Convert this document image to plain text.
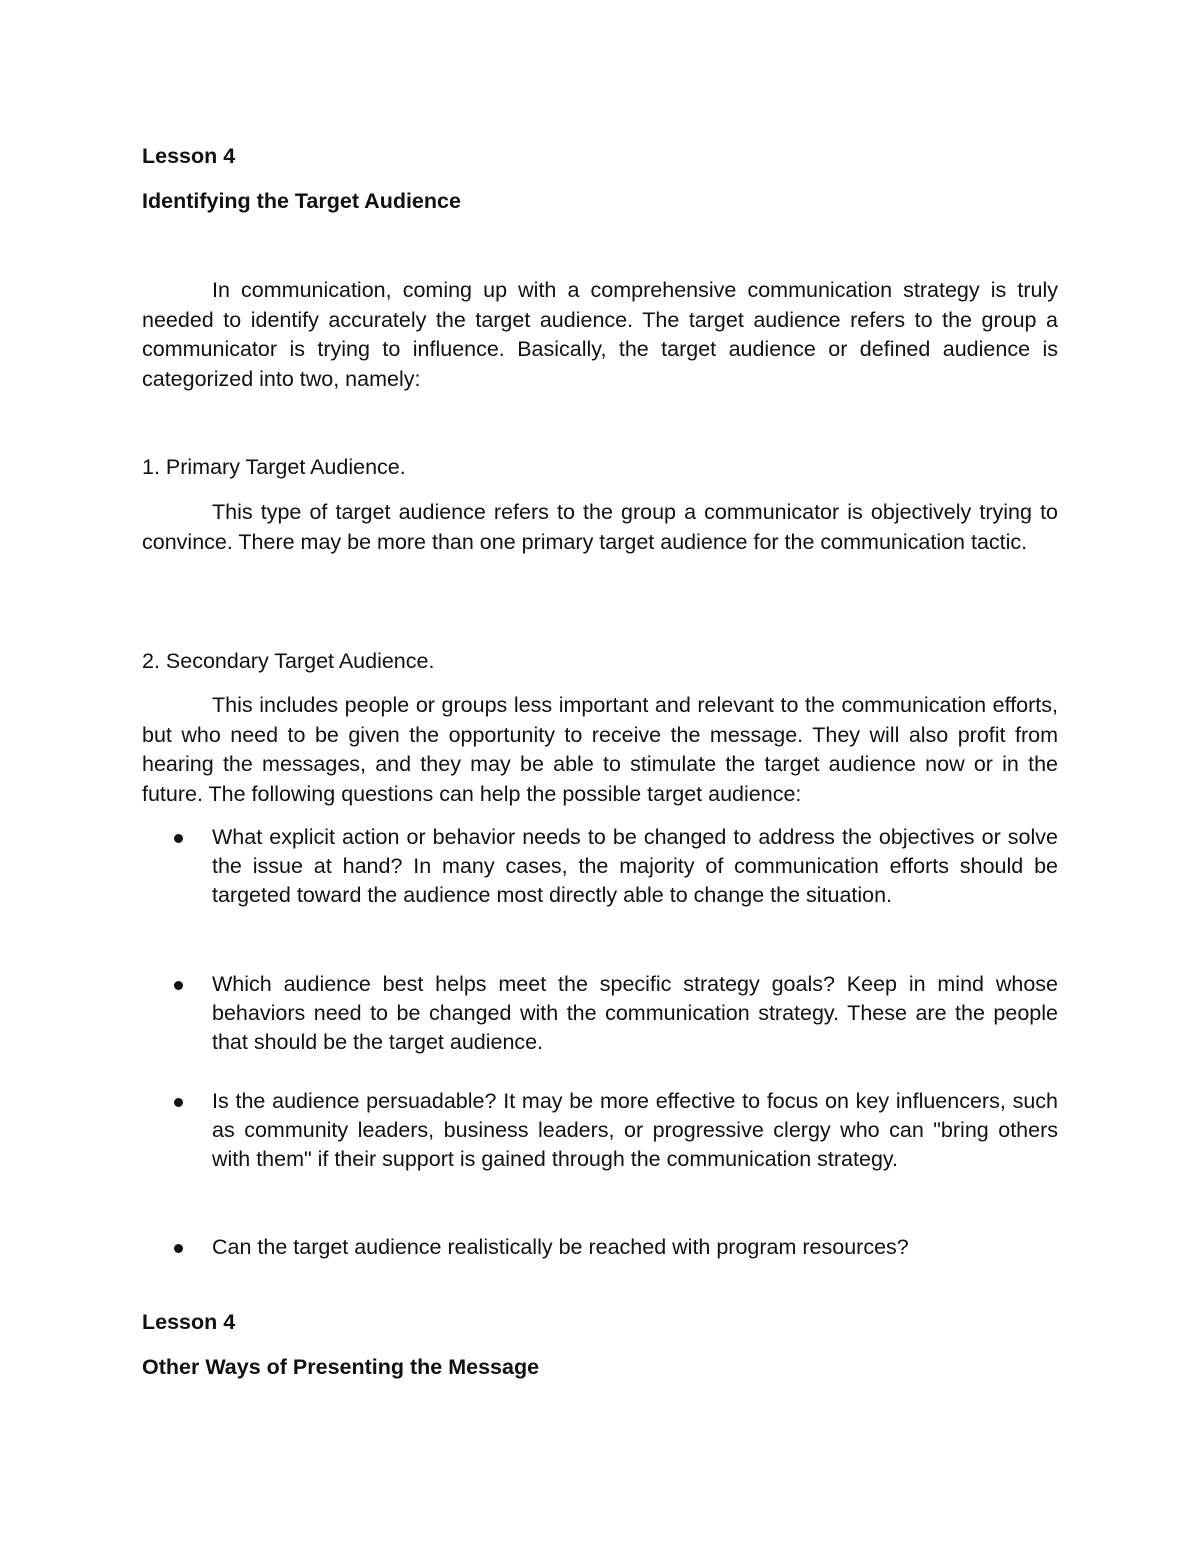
Lesson 4

Identifying the Target Audience

In communication, coming up with a comprehensive communication strategy is truly needed to identify accurately the target audience. The target audience refers to the group a communicator is trying to influence. Basically, the target audience or defined audience is categorized into two, namely:

1. Primary Target Audience.

This type of target audience refers to the group a communicator is objectively trying to convince. There may be more than one primary target audience for the communication tactic.

2. Secondary Target Audience.

This includes people or groups less important and relevant to the communication efforts, but who need to be given the opportunity to receive the message. They will also profit from hearing the messages, and they may be able to stimulate the target audience now or in the future. The following questions can help the possible target audience:

What explicit action or behavior needs to be changed to address the objectives or solve the issue at hand? In many cases, the majority of communication efforts should be targeted toward the audience most directly able to change the situation.

Which audience best helps meet the specific strategy goals? Keep in mind whose behaviors need to be changed with the communication strategy. These are the people that should be the target audience.

Is the audience persuadable? It may be more effective to focus on key influencers, such as community leaders, business leaders, or progressive clergy who can "bring others with them" if their support is gained through the communication strategy.

Can the target audience realistically be reached with program resources?

Lesson 4

Other Ways of Presenting the Message
